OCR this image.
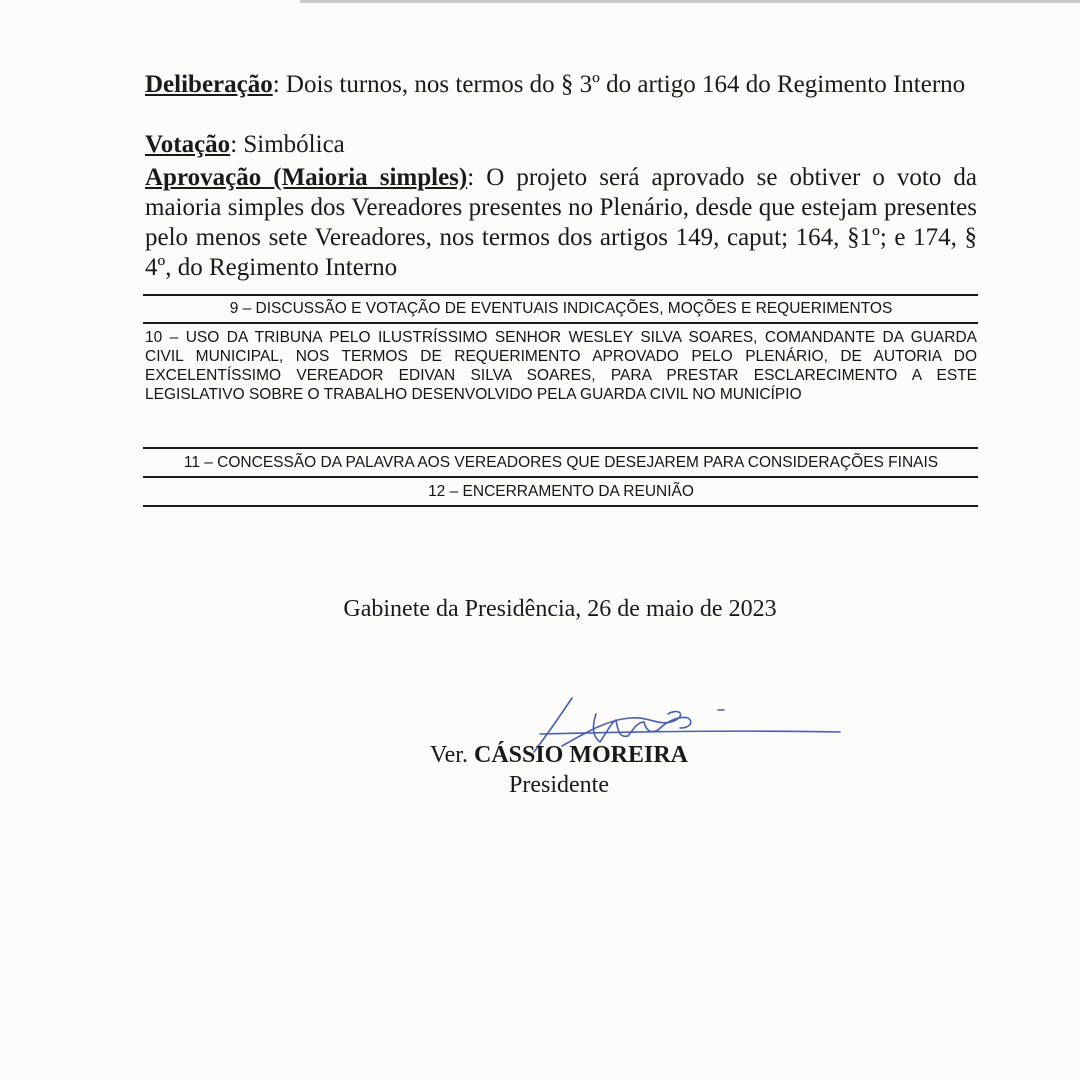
Deliberação: Dois turnos, nos termos do § 3º do artigo 164 do Regimento Interno
Votação: Simbólica
Aprovação (Maioria simples): O projeto será aprovado se obtiver o voto da maioria simples dos Vereadores presentes no Plenário, desde que estejam presentes pelo menos sete Vereadores, nos termos dos artigos 149, caput; 164, §1º; e 174, § 4º, do Regimento Interno
9 – DISCUSSÃO E VOTAÇÃO DE EVENTUAIS INDICAÇÕES, MOÇÕES E REQUERIMENTOS
10 – USO DA TRIBUNA PELO ILUSTRÍSSIMO SENHOR WESLEY SILVA SOARES, COMANDANTE DA GUARDA CIVIL MUNICIPAL, NOS TERMOS DE REQUERIMENTO APROVADO PELO PLENÁRIO, DE AUTORIA DO EXCELENTÍSSIMO VEREADOR EDIVAN SILVA SOARES, PARA PRESTAR ESCLARECIMENTO A ESTE LEGISLATIVO SOBRE O TRABALHO DESENVOLVIDO PELA GUARDA CIVIL NO MUNICÍPIO
11 – CONCESSÃO DA PALAVRA AOS VEREADORES QUE DESEJAREM PARA CONSIDERAÇÕES FINAIS
12 – ENCERRAMENTO DA REUNIÃO
Gabinete da Presidência, 26 de maio de 2023
Ver. CÁSSIO MOREIRA
Presidente
